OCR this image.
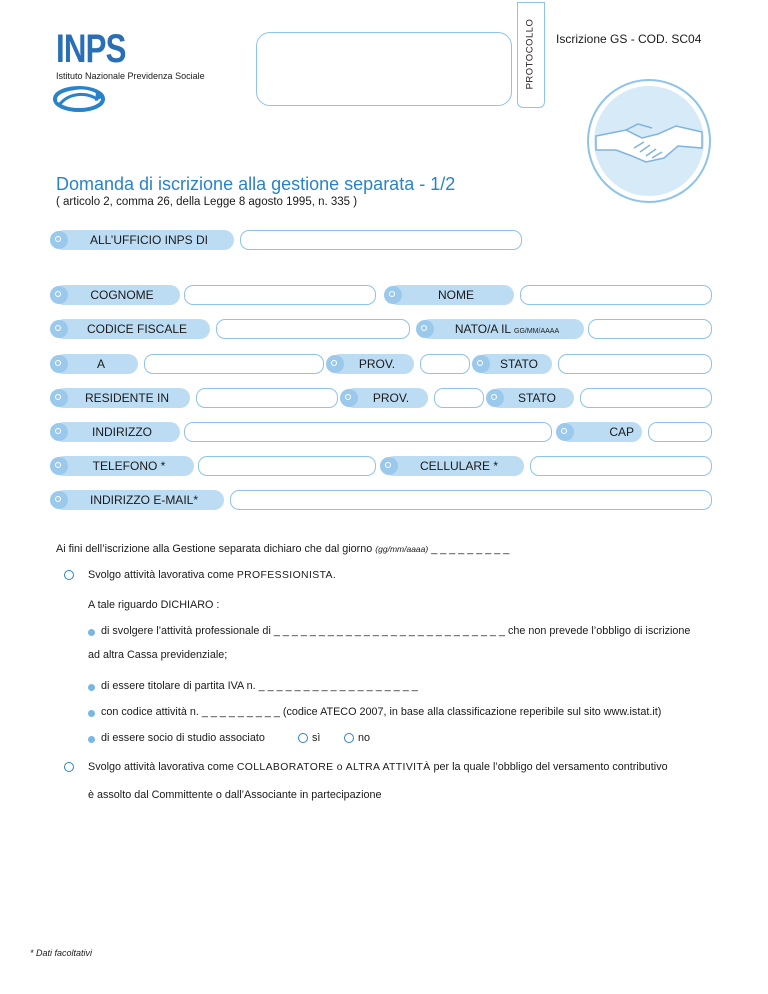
INPS
Istituto Nazionale Previdenza Sociale	PROTOCOLLO Iscrizione GS - COD. SC04
Domanda di iscrizione alla gestione separata - 1/2
( articolo 2, comma 26, della Legge 8 agosto 1995, n. 335 )
ALL’UFFICIO INPS DI
COGNOME	NOME
CODICE FISCALE	NATO/A IL GG/MM/AAAA
A	PROV.	STATO
RESIDENTE IN	PROV.	STATO
INDIRIZZO	CAP
TELEFONO *	CELLULARE *
INDIRIZZO E-MAIL*
Ai fini dell’iscrizione alla Gestione separata dichiaro che dal giorno (gg/mm/aaaa) _ _ _ _ _ _ _ _ _
Svolgo attività lavorativa come PROFESSIONISTA.
A tale riguardo DICHIARO :
di svolgere l’attività professionale di _ _ _ _ _ _ _ _ _ _ _ _ _ _ _ _ _ _ _ _ _ _ _ _ _ _ che non prevede l’obbligo di iscrizione
ad altra Cassa previdenziale;
di essere titolare di partita IVA n. _ _ _ _ _ _ _ _ _ _ _ _ _ _ _ _ _ _
con codice attività n. _ _ _ _ _ _ _ _ _ (codice ATECO 2007, in base alla classificazione reperibile sul sito www.istat.it)
di essere socio di studio associato	sì	no
Svolgo attività lavorativa come COLLABORATORE o ALTRA ATTIVITÀ per la quale l’obbligo del versamento contributivo
è assolto dal Committente o dall’Associante in partecipazione
* Dati facoltativi
